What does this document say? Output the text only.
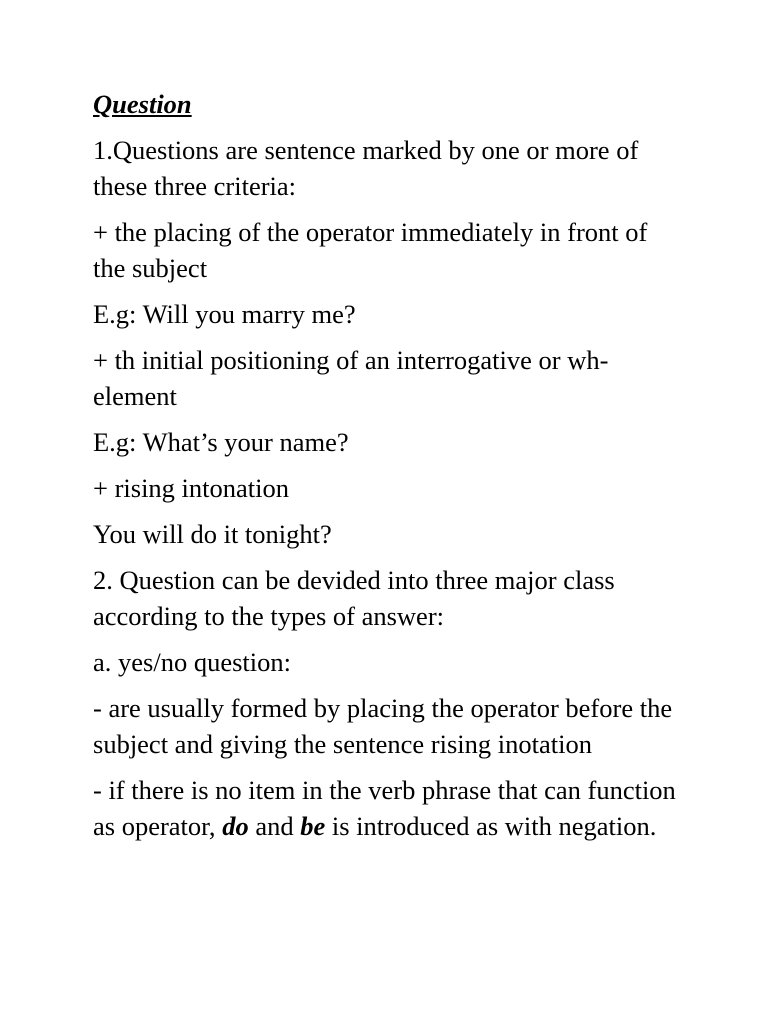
Question
1.Questions are sentence marked by one or more of these three criteria:
+ the placing of the operator immediately in front of the subject
E.g: Will you marry me?
+ th initial positioning of an interrogative or wh-element
E.g: What’s your name?
+ rising intonation
You will do it tonight?
2. Question can be devided into three major class according to the types of answer:
a. yes/no question:
- are usually formed by placing the operator before the subject and giving the sentence rising inotation
- if there is no item in the verb phrase that can function as operator, do and be is introduced as with negation.
